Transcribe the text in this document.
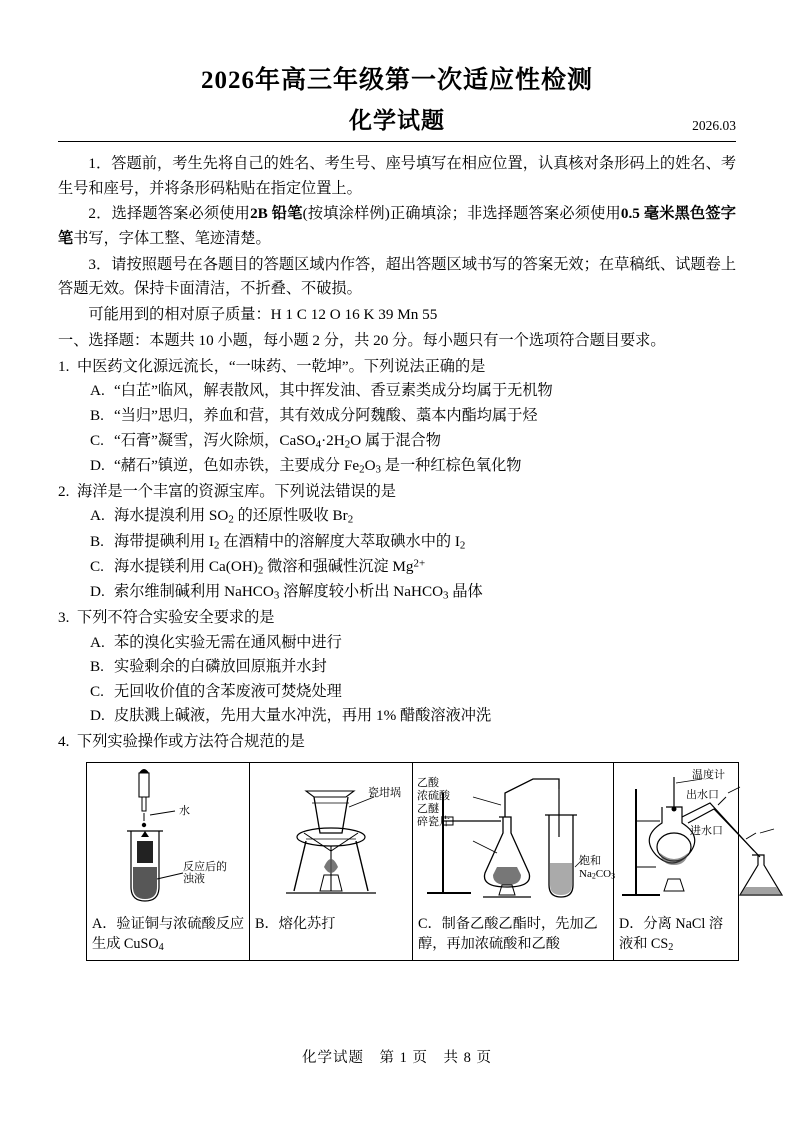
2026年高三年级第一次适应性检测
化学试题	2026.03

1．答题前，考生先将自己的姓名、考生号、座号填写在相应位置，认真核对条形码上的姓名、考生号和座号，并将条形码粘贴在指定位置上。

2．选择题答案必须使用2B 铅笔(按填涂样例)正确填涂；非选择题答案必须使用0.5 毫米黑色签字笔书写，字体工整、笔迹清楚。

3．请按照题号在各题目的答题区域内作答，超出答题区域书写的答案无效；在草稿纸、试题卷上答题无效。保持卡面清洁，不折叠、不破损。

可能用到的相对原子质量：H 1 C 12 O 16 K 39 Mn 55

一、选择题：本题共 10 小题，每小题 2 分，共 20 分。每小题只有一个选项符合题目要求。
1. 中医药文化源远流长，“一味药、一乾坤”。下列说法正确的是
A. “白芷”临风，解表散风，其中挥发油、香豆素类成分均属于无机物
B. “当归”思归，养血和营，其有效成分阿魏酸、藁本内酯均属于烃
C. “石膏”凝雪，泻火除烦，$CaSO_4\cdot 2H_2O$ 属于混合物
D. “赭石”镇逆，色如赤铁，主要成分 $Fe_2O_3$ 是一种红棕色氧化物
2. 海洋是一个丰富的资源宝库。下列说法错误的是
A. 海水提溴利用 $SO_2$ 的还原性吸收 $Br_2$
B. 海带提碘利用 $I_2$ 在酒精中的溶解度大萃取碘水中的 $I_2$
C. 海水提镁利用 $Ca(OH)_2$ 微溶和强碱性沉淀 $Mg^{2+}$
D. 索尔维制碱利用 NaHCO$_3$ 溶解度较小析出 NaHCO$_3$ 晶体
3. 下列不符合实验安全要求的是
A. 苯的溴化实验无需在通风橱中进行
B. 实验剩余的白磷放回原瓶并水封
C. 无回收价值的含苯废液可焚烧处理
D. 皮肤溅上碱液，先用大量水冲洗，再用 1% 醋酸溶液冲洗
4. 下列实验操作或方法符合规范的是
水
反应后的浊液
A．验证铜与浓硫酸反应生成 CuSO$_4$

瓷坩埚
B．熔化苏打

乙酸
浓硫酸
乙醚
碎瓷片
饱和
$Na_2CO_3$
C．制备乙酸乙酯时，先加乙醇，再加浓硫酸和乙酸

温度计
出水口
进水口
D．分离 NaCl 溶液和 $CS_2$
化学试题　第 1 页　共 8 页
